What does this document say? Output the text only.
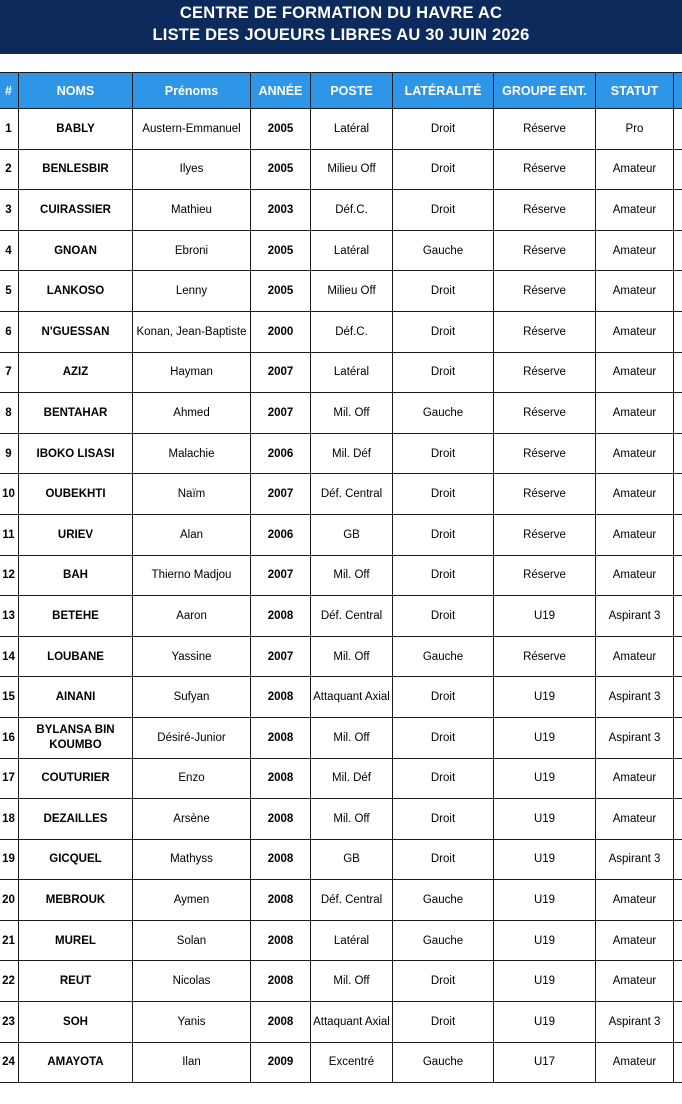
CENTRE DE FORMATION DU HAVRE AC
LISTE DES JOUEURS LIBRES AU 30 JUIN 2026
#	NOMS	Prénoms	ANNÉE	POSTE	LATÉRALITÉ	GROUPE ENT.	STATUT	
1	BABLY	Austern-Emmanuel	2005	Latéral	Droit	Réserve	Pro	
2	BENLESBIR	Ilyes	2005	Milieu Off	Droit	Réserve	Amateur	
3	CUIRASSIER	Mathieu	2003	Déf.C.	Droit	Réserve	Amateur	
4	GNOAN	Ebroni	2005	Latéral	Gauche	Réserve	Amateur	
5	LANKOSO	Lenny	2005	Milieu Off	Droit	Réserve	Amateur	
6	N'GUESSAN	Konan, Jean-Baptiste	2000	Déf.C.	Droit	Réserve	Amateur	
7	AZIZ	Hayman	2007	Latéral	Droit	Réserve	Amateur	
8	BENTAHAR	Ahmed	2007	Mil. Off	Gauche	Réserve	Amateur	
9	IBOKO LISASI	Malachie	2006	Mil. Déf	Droit	Réserve	Amateur	
10	OUBEKHTI	Naïm	2007	Déf. Central	Droit	Réserve	Amateur	
11	URIEV	Alan	2006	GB	Droit	Réserve	Amateur	
12	BAH	Thierno Madjou	2007	Mil. Off	Droit	Réserve	Amateur	
13	BETEHE	Aaron	2008	Déf. Central	Droit	U19	Aspirant 3	
14	LOUBANE	Yassine	2007	Mil. Off	Gauche	Réserve	Amateur	
15	AINANI	Sufyan	2008	Attaquant Axial	Droit	U19	Aspirant 3	
16	BYLANSA BIN KOUMBO	Désiré-Junior	2008	Mil. Off	Droit	U19	Aspirant 3	
17	COUTURIER	Enzo	2008	Mil. Déf	Droit	U19	Amateur	
18	DEZAILLES	Arsène	2008	Mil. Off	Droit	U19	Amateur	
19	GICQUEL	Mathyss	2008	GB	Droit	U19	Aspirant 3	
20	MEBROUK	Aymen	2008	Déf. Central	Gauche	U19	Amateur	
21	MUREL	Solan	2008	Latéral	Gauche	U19	Amateur	
22	REUT	Nicolas	2008	Mil. Off	Droit	U19	Amateur	
23	SOH	Yanis	2008	Attaquant Axial	Droit	U19	Aspirant 3	
24	AMAYOTA	Ilan	2009	Excentré	Gauche	U17	Amateur	
